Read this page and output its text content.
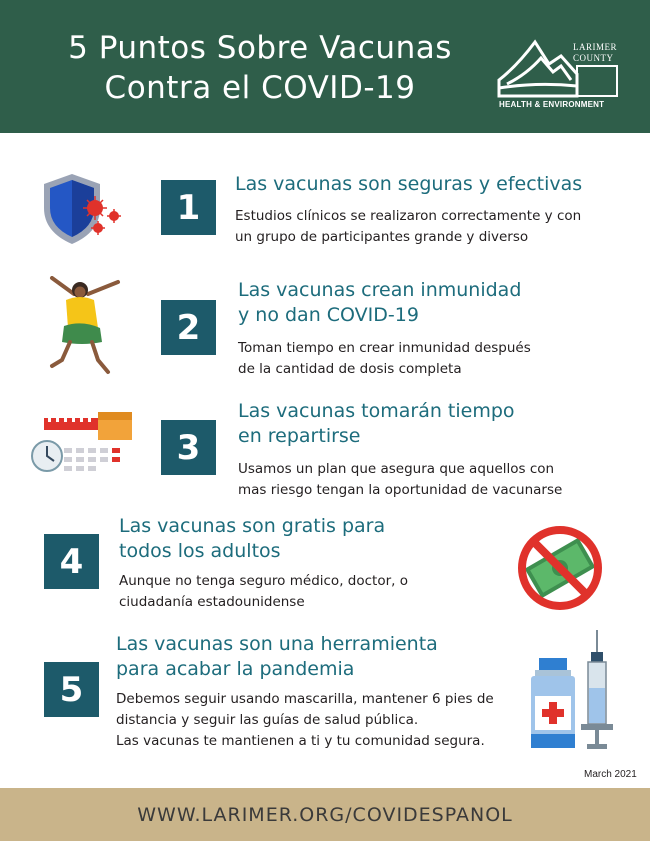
5 Puntos Sobre Vacunas
Contra el COVID-19
LARIMER
COUNTY
HEALTH & ENVIRONMENT
1
Las vacunas son seguras y efectivas
Estudios clínicos se realizaron correctamente y con
un grupo de participantes grande y diverso
2
Las vacunas crean inmunidad
y no dan COVID-19
Toman tiempo en crear inmunidad después
de la cantidad de dosis completa
3
Las vacunas tomarán tiempo
en repartirse
Usamos un plan que asegura que aquellos con
mas riesgo tengan la oportunidad de vacunarse
4
Las vacunas son gratis para
todos los adultos
Aunque no tenga seguro médico, doctor, o
ciudadanía estadounidense
5
Las vacunas son una herramienta
para acabar la pandemia
Debemos seguir usando mascarilla, mantener 6 pies de
distancia y seguir las guías de salud pública.
Las vacunas te mantienen a ti y tu comunidad segura.
March 2021
WWW.LARIMER.ORG/COVIDESPANOL
